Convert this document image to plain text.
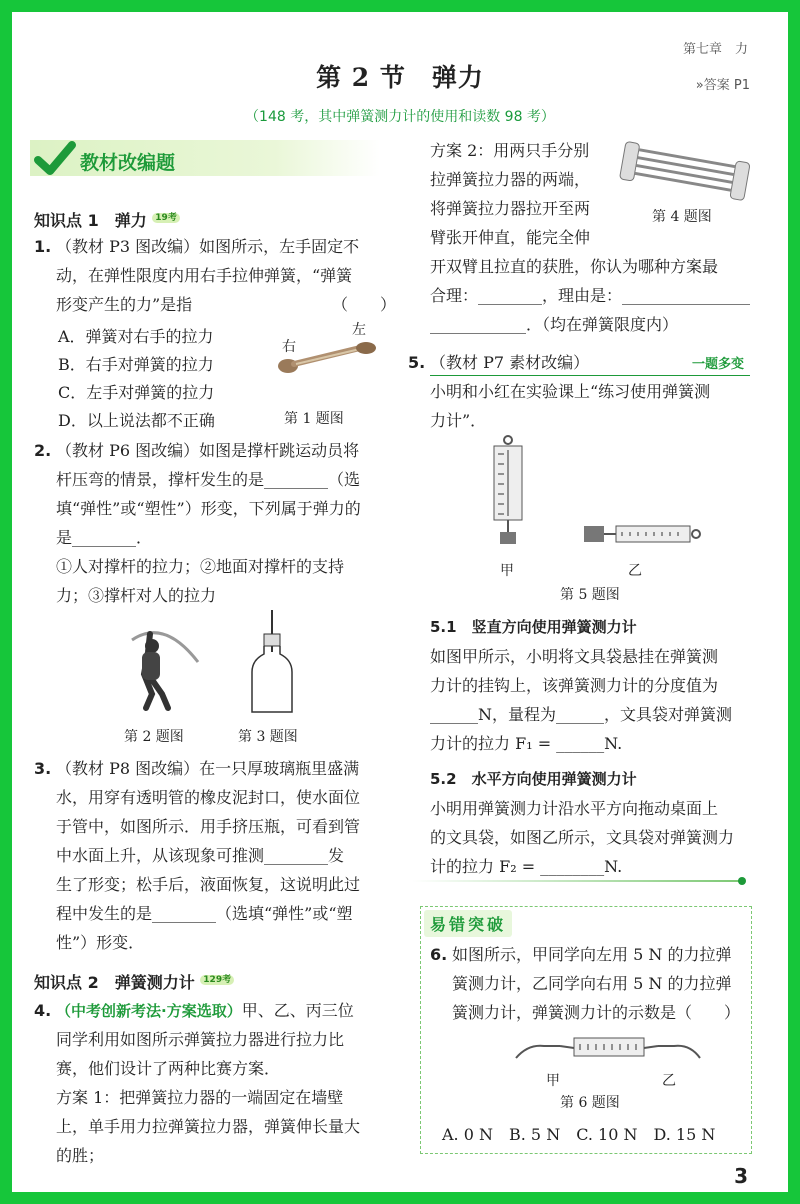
第七章　力
第 2 节　弹力	»答案 P1
（148 考，其中弹簧测力计的使用和读数 98 考）
教材改编题
知识点 1　弹力 $^{19考}$
1. （教材 P3 图改编）如图所示，左手固定不
动，在弹性限度内用右手拉伸弹簧，“弹簧
形变产生的力”是指	（　　）
A．弹簧对右手的拉力
B．右手对弹簧的拉力
C．左手对弹簧的拉力
D．以上说法都不正确
右
左
第 1 题图
2. （教材 P6 图改编）如图是撑杆跳运动员将
杆压弯的情景，撑杆发生的是________（选
填“弹性”或“塑性”）形变，下列属于弹力的
是________．
①人对撑杆的拉力；②地面对撑杆的支持
力；③撑杆对人的拉力
第 2 题图	第 3 题图
3. （教材 P8 图改编）在一只厚玻璃瓶里盛满
水，用穿有透明管的橡皮泥封口，使水面位
于管中，如图所示．用手挤压瓶，可看到管
中水面上升，从该现象可推测________发
生了形变；松手后，液面恢复，这说明此过
程中发生的是________（选填“弹性”或“塑
性”）形变．
知识点 2　弹簧测力计 $^{129考}$
4. （中考创新考法·方案选取）甲、乙、丙三位
同学利用如图所示弹簧拉力器进行拉力比
赛，他们设计了两种比赛方案．
方案 1：把弹簧拉力器的一端固定在墙壁
上，单手用力拉弹簧拉力器，弹簧伸长量大
的胜；
方案 2：用两只手分别
拉弹簧拉力器的两端，
将弹簧拉力器拉开至两
臂张开伸直，能完全伸
开双臂且拉直的获胜，你认为哪种方案最
合理：________，理由是：________________
____________．（均在弹簧限度内）
第 4 题图
5. （教材 P7 素材改编）	一题多变
小明和小红在实验课上“练习使用弹簧测
力计”．
甲	乙
第 5 题图
5.1　竖直方向使用弹簧测力计
如图甲所示，小明将文具袋悬挂在弹簧测
力计的挂钩上，该弹簧测力计的分度值为
______N，量程为______，文具袋对弹簧测
力计的拉力 F₁ = ______N.
5.2　水平方向使用弹簧测力计
小明用弹簧测力计沿水平方向拖动桌面上
的文具袋，如图乙所示，文具袋对弹簧测力
计的拉力 F₂ = ________N.
易错突破
6. 如图所示，甲同学向左用 5 N 的力拉弹
簧测力计，乙同学向右用 5 N 的力拉弹
簧测力计，弹簧测力计的示数是（　　）
甲	乙
第 6 题图
A. 0 N　B. 5 N　C. 10 N　D. 15 N
3
